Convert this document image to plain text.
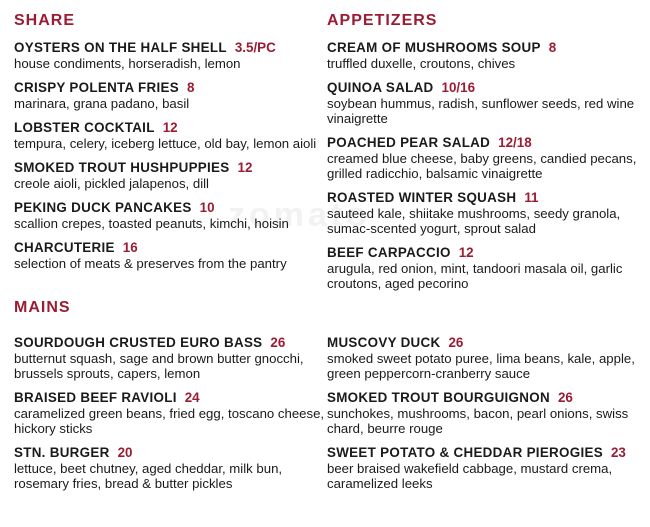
zomato
SHARE
OYSTERS ON THE HALF SHELL 3.5/PC
house condiments, horseradish, lemon
CRISPY POLENTA FRIES 8
marinara, grana padano, basil
LOBSTER COCKTAIL 12
tempura, celery, iceberg lettuce, old bay, lemon aioli
SMOKED TROUT HUSHPUPPIES 12
creole aioli, pickled jalapenos, dill
PEKING DUCK PANCAKES 10
scallion crepes, toasted peanuts, kimchi, hoisin
CHARCUTERIE 16
selection of meats & preserves from the pantry
APPETIZERS
CREAM OF MUSHROOMS SOUP 8
truffled duxelle, croutons, chives
QUINOA SALAD 10/16
soybean hummus, radish, sunflower seeds, red wine vinaigrette
POACHED PEAR SALAD 12/18
creamed blue cheese, baby greens, candied pecans, grilled radicchio, balsamic vinaigrette
ROASTED WINTER SQUASH 11
sauteed kale, shiitake mushrooms, seedy granola, sumac-scented yogurt, sprout salad
BEEF CARPACCIO 12
arugula, red onion, mint, tandoori masala oil, garlic croutons, aged pecorino
MAINS
SOURDOUGH CRUSTED EURO BASS 26
butternut squash, sage and brown butter gnocchi, brussels sprouts, capers, lemon
BRAISED BEEF RAVIOLI 24
caramelized green beans, fried egg, toscano cheese, hickory sticks
STN. BURGER 20
lettuce, beet chutney, aged cheddar, milk bun, rosemary fries, bread & butter pickles
MUSCOVY DUCK 26
smoked sweet potato puree, lima beans, kale, apple, green peppercorn-cranberry sauce
SMOKED TROUT BOURGUIGNON 26
sunchokes, mushrooms, bacon, pearl onions, swiss chard, beurre rouge
SWEET POTATO & CHEDDAR PIEROGIES 23
beer braised wakefield cabbage, mustard crema, caramelized leeks
